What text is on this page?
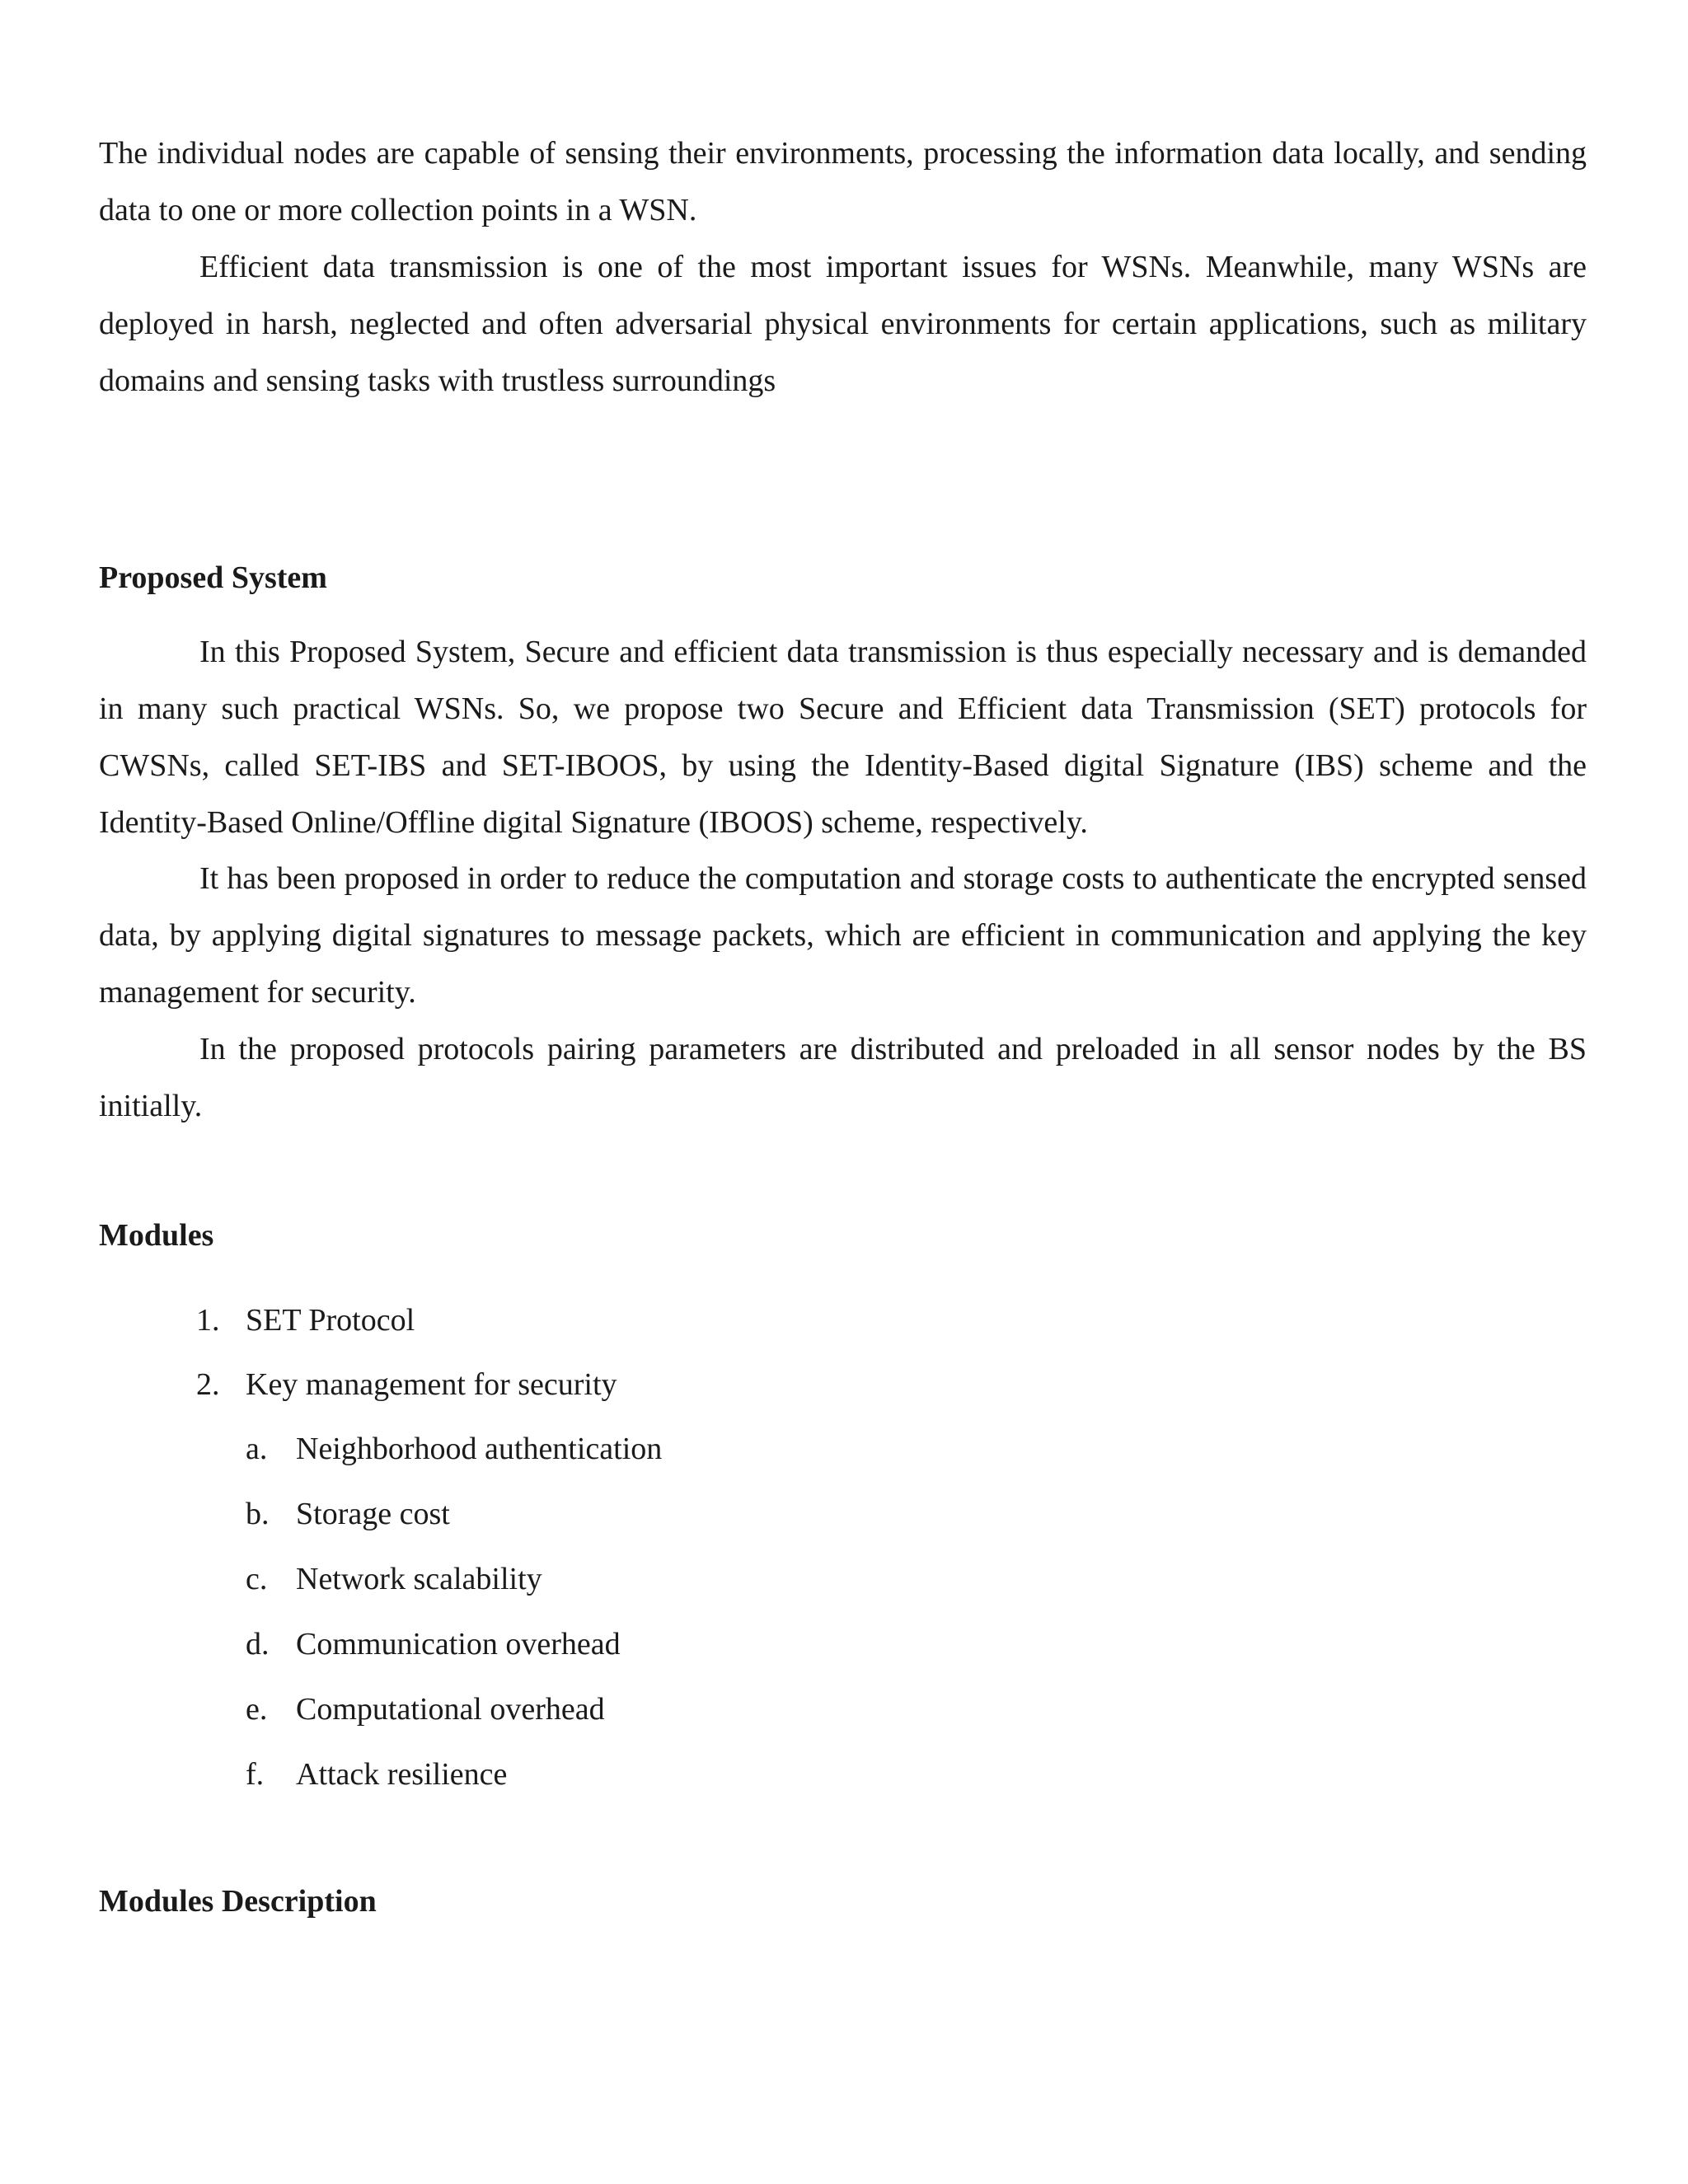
The individual nodes are capable of sensing their environments, processing the information data locally, and sending data to one or more collection points in a WSN.

Efficient data transmission is one of the most important issues for WSNs. Meanwhile, many WSNs are deployed in harsh, neglected and often adversarial physical environments for certain applications, such as military domains and sensing tasks with trustless surroundings

Proposed System

In this Proposed System, Secure and efficient data transmission is thus especially necessary and is demanded in many such practical WSNs. So, we propose two Secure and Efficient data Transmission (SET) protocols for CWSNs, called SET-IBS and SET-IBOOS, by using the Identity-Based digital Signature (IBS) scheme and the Identity-Based Online/Offline digital Signature (IBOOS) scheme, respectively.

It has been proposed in order to reduce the computation and storage costs to authenticate the encrypted sensed data, by applying digital signatures to message packets, which are efficient in communication and applying the key management for security.

In the proposed protocols pairing parameters are distributed and preloaded in all sensor nodes by the BS initially.

Modules
1. SET Protocol
2. Key management for security
a. Neighborhood authentication
b. Storage cost
c. Network scalability
d. Communication overhead
e. Computational overhead
f. Attack resilience
Modules Description
